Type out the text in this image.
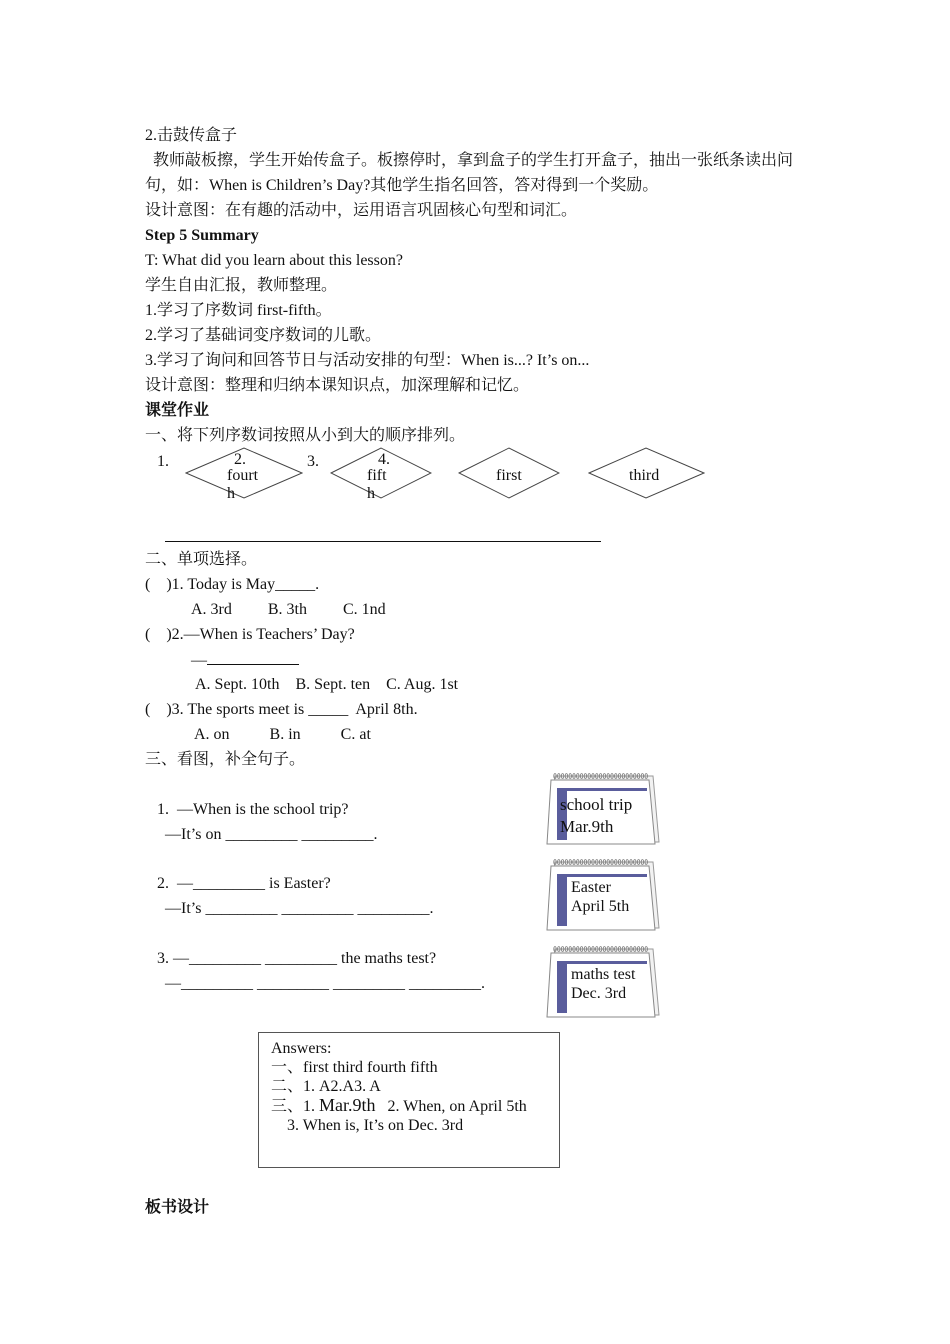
2.击鼓传盒子
教师敲板擦，学生开始传盒子。板擦停时，拿到盒子的学生打开盒子，抽出一张纸条读出问
句，如：When is Children’s Day?其他学生指名回答，答对得到一个奖励。
设计意图：在有趣的活动中，运用语言巩固核心句型和词汇。
Step 5 Summary
T: What did you learn about this lesson?
学生自由汇报，教师整理。
1.学习了序数词 first-fifth。
2.学习了基础词变序数词的儿歌。
3.学习了询问和回答节日与活动安排的句型：When is...? It’s on...
设计意图：整理和归纳本课知识点，加深理解和记忆。
课堂作业
一、将下列序数词按照从小到大的顺序排列。
1.	3.
2.
fourt
h
4.
fift
h
first	third
二、单项选择。
(    )1. Today is May_____.
A. 3rd         B. 3th         C. 1nd
(    )2.—When is Teachers’ Day?
—
A. Sept. 10th    B. Sept. ten    C. Aug. 1st
(    )3. The sports meet is _____  April 8th.
A. on          B. in          C. at
三、看图，补全句子。
1.  —When is the school trip?
—It’s on _________ _________.
2.  —_________ is Easter?
—It’s _________ _________ _________.
3. —_________ _________ the maths test?
—_________ _________ _________ _________.
school trip
Mar.9th
Easter
April 5th
maths test
Dec. 3rd
Answers:
一、first third fourth fifth
二、1. A2.A3. A
三、1. Mar.9th   2. When, on April 5th
3. When is, It’s on Dec. 3rd
板书设计
